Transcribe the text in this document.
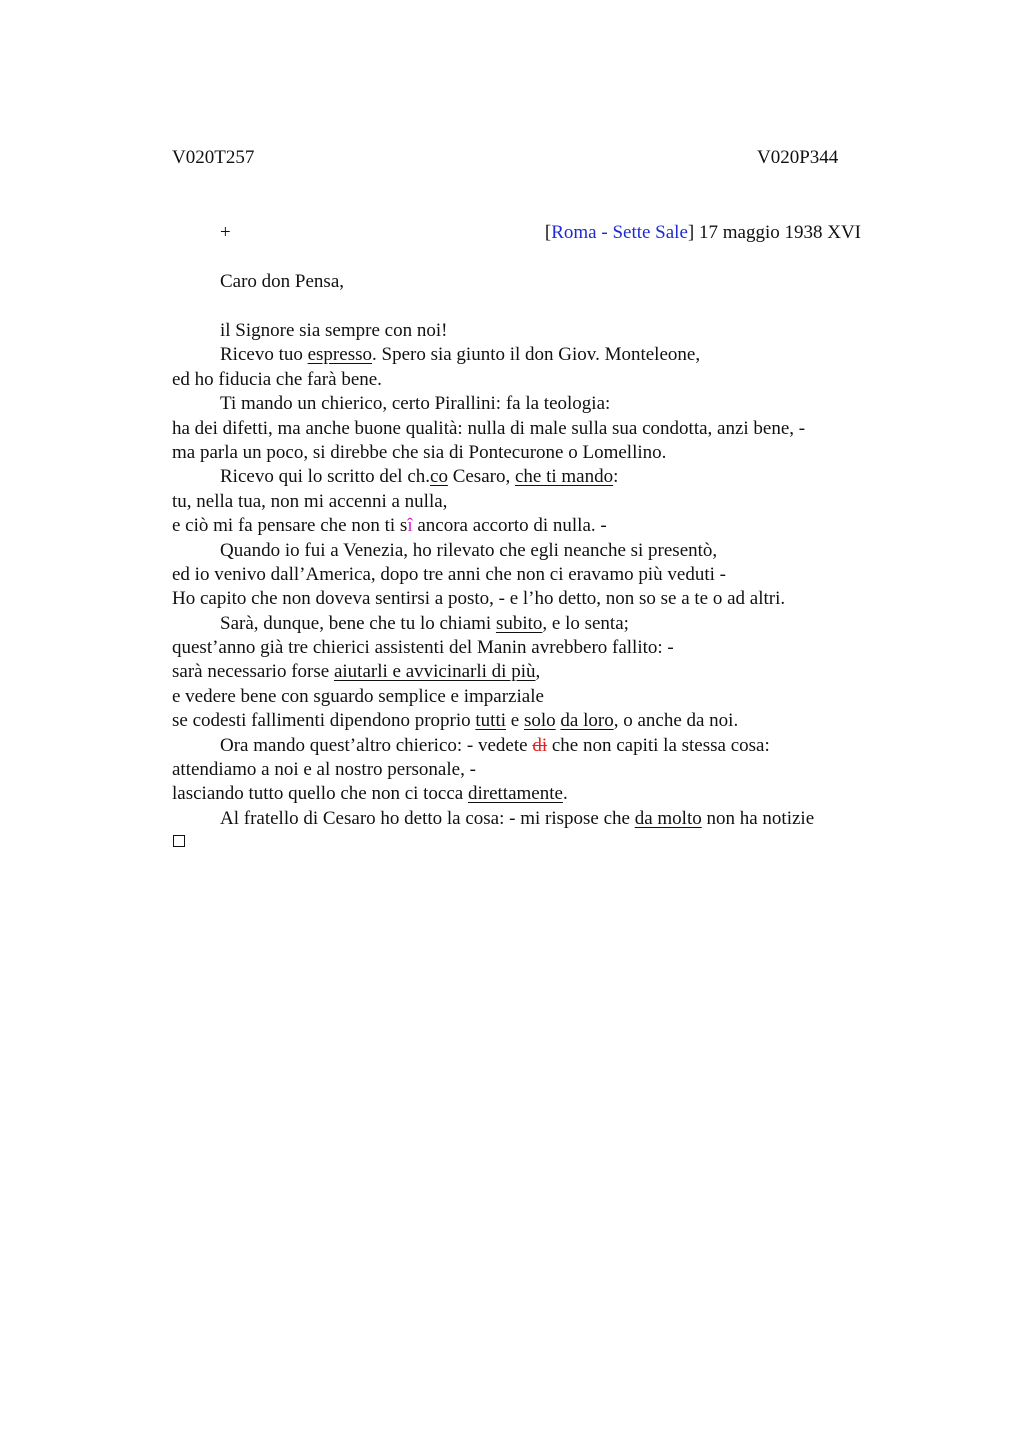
V020T257	V020P344
+	[Roma - Sette Sale] 17 maggio 1938 XVI
Caro don Pensa,
il Signore sia sempre con noi!
Ricevo tuo espresso. Spero sia giunto il don Giov. Monteleone,
ed ho fiducia che farà bene.
Ti mando un chierico, certo Pirallini: fa la teologia:
ha dei difetti, ma anche buone qualità: nulla di male sulla sua condotta, anzi bene, -
ma parla un poco, si direbbe che sia di Pontecurone o Lomellino.
Ricevo qui lo scritto del ch.co Cesaro, che ti mando:
tu, nella tua, non mi accenni a nulla,
e ciò mi fa pensare che non ti sî ancora accorto di nulla. -
Quando io fui a Venezia, ho rilevato che egli neanche si presentò,
ed io venivo dall’America, dopo tre anni che non ci eravamo più veduti -
Ho capito che non doveva sentirsi a posto, - e l’ho detto, non so se a te o ad altri.
Sarà, dunque, bene che tu lo chiami subito, e lo senta;
quest’anno già tre chierici assistenti del Manin avrebbero fallito: -
sarà necessario forse aiutarli e avvicinarli di più,
e vedere bene con sguardo semplice e imparziale
se codesti fallimenti dipendono proprio tutti e solo da loro, o anche da noi.
Ora mando quest’altro chierico: - vedete di che non capiti la stessa cosa:
attendiamo a noi e al nostro personale, -
lasciando tutto quello che non ci tocca direttamente.
Al fratello di Cesaro ho detto la cosa: - mi rispose che da molto non ha notizie
